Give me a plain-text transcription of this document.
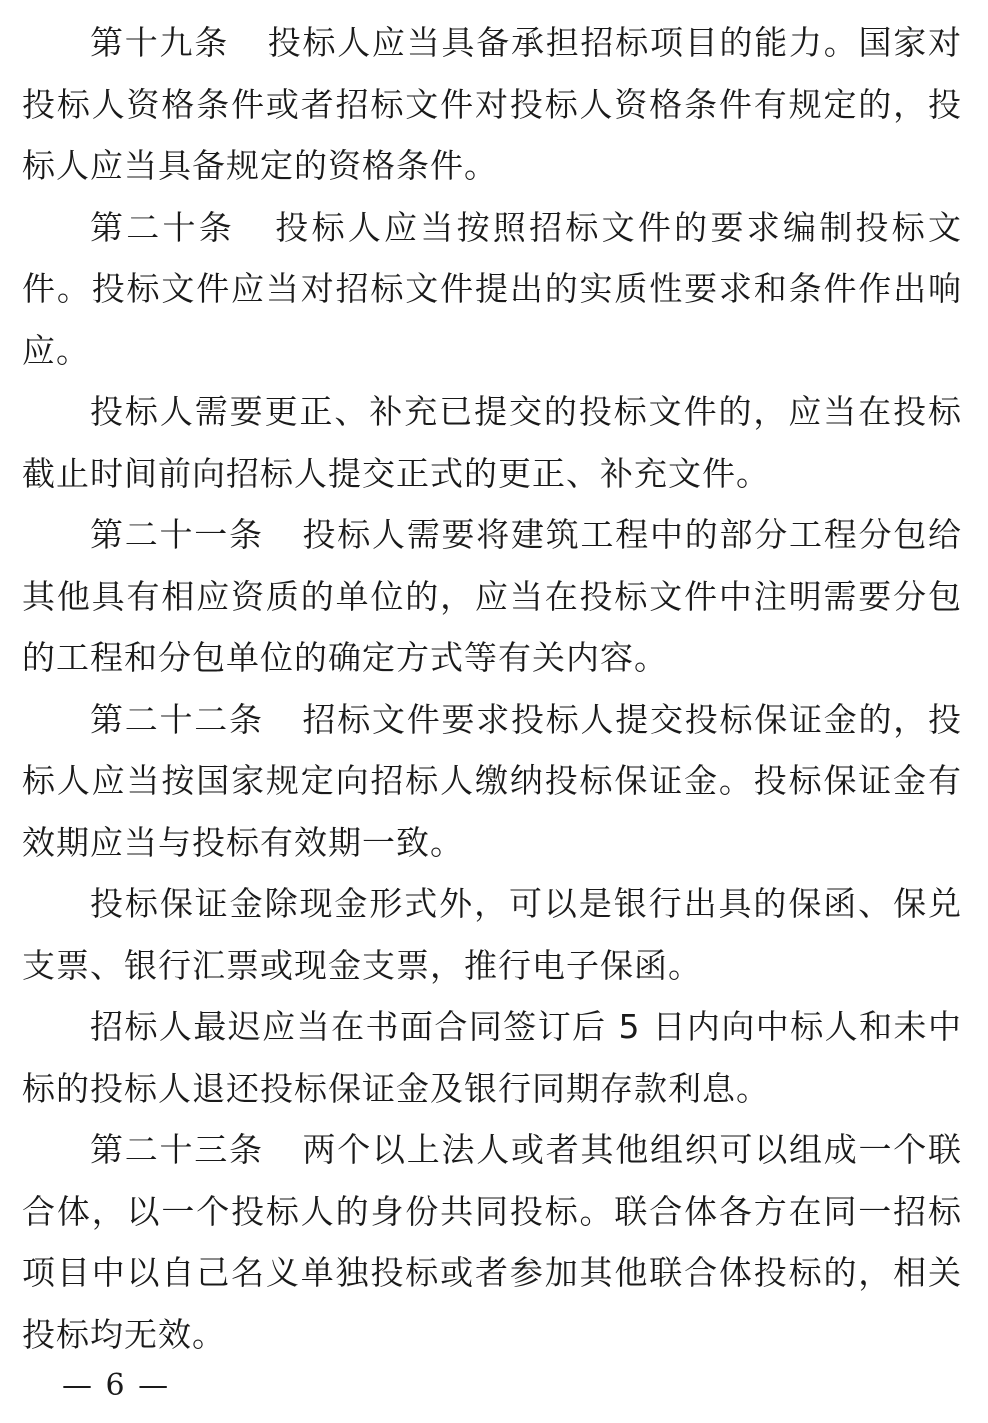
第十九条 投标人应当具备承担招标项目的能力。国家对投标人资格条件或者招标文件对投标人资格条件有规定的，投标人应当具备规定的资格条件。

第二十条 投标人应当按照招标文件的要求编制投标文件。投标文件应当对招标文件提出的实质性要求和条件作出响应。

投标人需要更正、补充已提交的投标文件的，应当在投标截止时间前向招标人提交正式的更正、补充文件。

第二十一条 投标人需要将建筑工程中的部分工程分包给其他具有相应资质的单位的，应当在投标文件中注明需要分包的工程和分包单位的确定方式等有关内容。

第二十二条 招标文件要求投标人提交投标保证金的，投标人应当按国家规定向招标人缴纳投标保证金。投标保证金有效期应当与投标有效期一致。

投标保证金除现金形式外，可以是银行出具的保函、保兑支票、银行汇票或现金支票，推行电子保函。

招标人最迟应当在书面合同签订后 5 日内向中标人和未中标的投标人退还投标保证金及银行同期存款利息。

第二十三条 两个以上法人或者其他组织可以组成一个联合体，以一个投标人的身份共同投标。联合体各方在同一招标项目中以自己名义单独投标或者参加其他联合体投标的，相关投标均无效。

— 6 —
